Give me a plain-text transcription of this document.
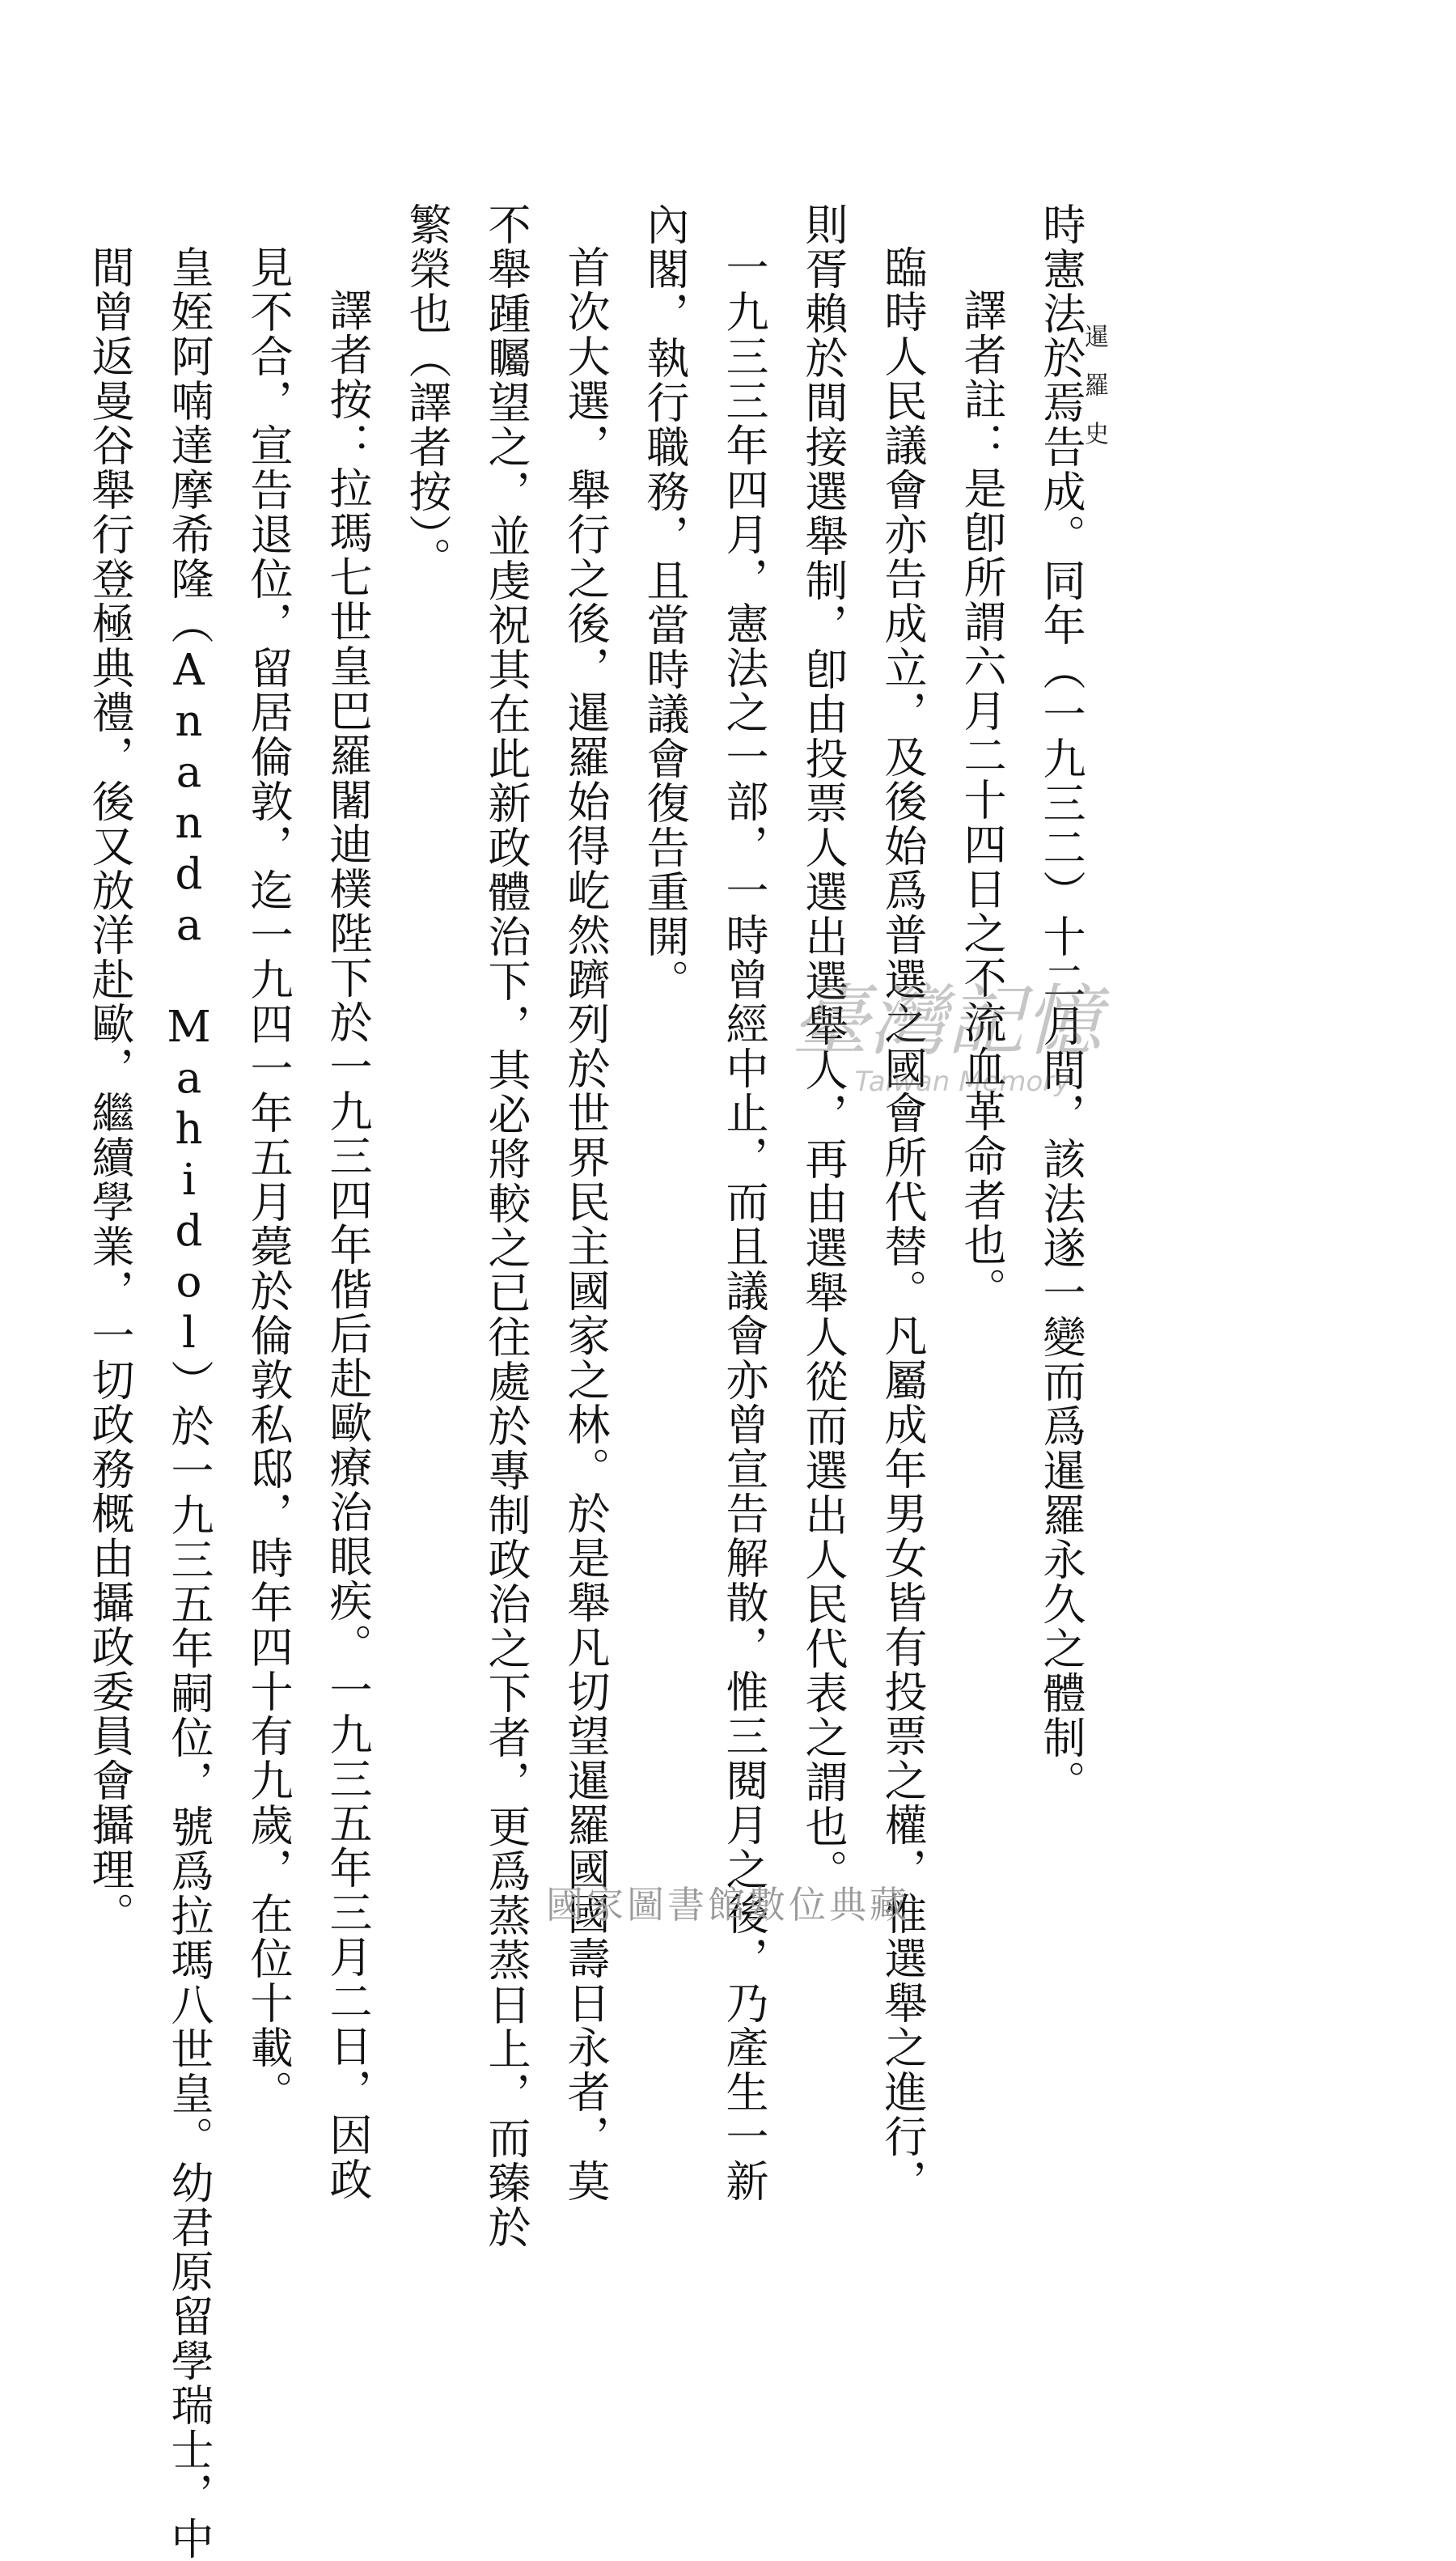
暹羅史
時憲法於焉告成。同年（一九三二）十二月間，該法遂一變而爲暹羅永久之體制。
譯者註：是卽所謂六月二十四日之不流血革命者也。
臨時人民議會亦告成立，及後始爲普選之國會所代替。凡屬成年男女皆有投票之權，惟選舉之進行，
則胥賴於間接選舉制，卽由投票人選出選舉人，再由選舉人從而選出人民代表之謂也。
一九三三年四月，憲法之一部，一時曾經中止，而且議會亦曾宣告解散，惟三閱月之後，乃產生一新
內閣，執行職務，且當時議會復告重開。
首次大選，舉行之後，暹羅始得屹然躋列於世界民主國家之林。於是舉凡切望暹羅國國壽日永者，莫
不舉踵矚望之，並虔祝其在此新政體治下，其必將較之已往處於專制政治之下者，更爲蒸蒸日上，而臻於
繁榮也（譯者按）。
譯者按：拉瑪七世皇巴羅闍迪樸陛下於一九三四年偕后赴歐療治眼疾。一九三五年三月二日，因政
見不合，宣告退位，留居倫敦，迄一九四一年五月薨於倫敦私邸，時年四十有九歲，在位十載。
皇姪阿喃達摩希隆（Ananda Mahidol）於一九三五年嗣位，號爲拉瑪八世皇。幼君原留學瑞士，中
間曾返曼谷舉行登極典禮，後又放洋赴歐，繼續學業，一切政務概由攝政委員會攝理。	臺灣記憶
Taiwan Memory
國家圖書館數位典藏
